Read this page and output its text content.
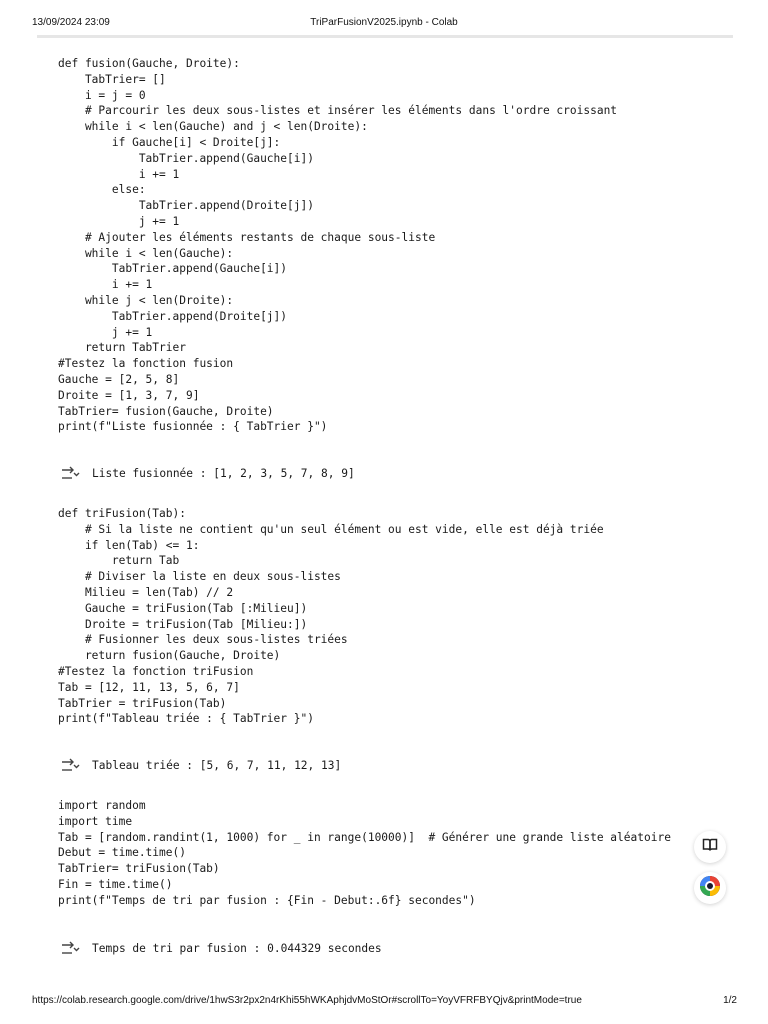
13/09/2024 23:09	TriParFusionV2025.ipynb - Colab
def fusion(Gauche, Droite):
TabTrier= []
i = j = 0
# Parcourir les deux sous-listes et insérer les éléments dans l'ordre croissant
while i < len(Gauche) and j < len(Droite):
if Gauche[i] < Droite[j]:
TabTrier.append(Gauche[i])
i += 1
else:
TabTrier.append(Droite[j])
j += 1
# Ajouter les éléments restants de chaque sous-liste
while i < len(Gauche):
TabTrier.append(Gauche[i])
i += 1
while j < len(Droite):
TabTrier.append(Droite[j])
j += 1
return TabTrier
#Testez la fonction fusion
Gauche = [2, 5, 8]
Droite = [1, 3, 7, 9]
TabTrier= fusion(Gauche, Droite)
print(f"Liste fusionnée : { TabTrier }")
Liste fusionnée : [1, 2, 3, 5, 7, 8, 9]
def triFusion(Tab):
# Si la liste ne contient qu'un seul élément ou est vide, elle est déjà triée
if len(Tab) <= 1:
return Tab
# Diviser la liste en deux sous-listes
Milieu = len(Tab) // 2
Gauche = triFusion(Tab [:Milieu])
Droite = triFusion(Tab [Milieu:])
# Fusionner les deux sous-listes triées
return fusion(Gauche, Droite)
#Testez la fonction triFusion
Tab = [12, 11, 13, 5, 6, 7]
TabTrier = triFusion(Tab)
print(f"Tableau triée : { TabTrier }")
Tableau triée : [5, 6, 7, 11, 12, 13]
import random
import time
Tab = [random.randint(1, 1000) for _ in range(10000)]  # Générer une grande liste aléatoire
Debut = time.time()
TabTrier= triFusion(Tab)
Fin = time.time()
print(f"Temps de tri par fusion : {Fin - Debut:.6f} secondes")
Temps de tri par fusion : 0.044329 secondes
https://colab.research.google.com/drive/1hwS3r2px2n4rKhi55hWKAphjdvMoStOr#scrollTo=YoyVFRFBYQjv&printMode=true	1/2
